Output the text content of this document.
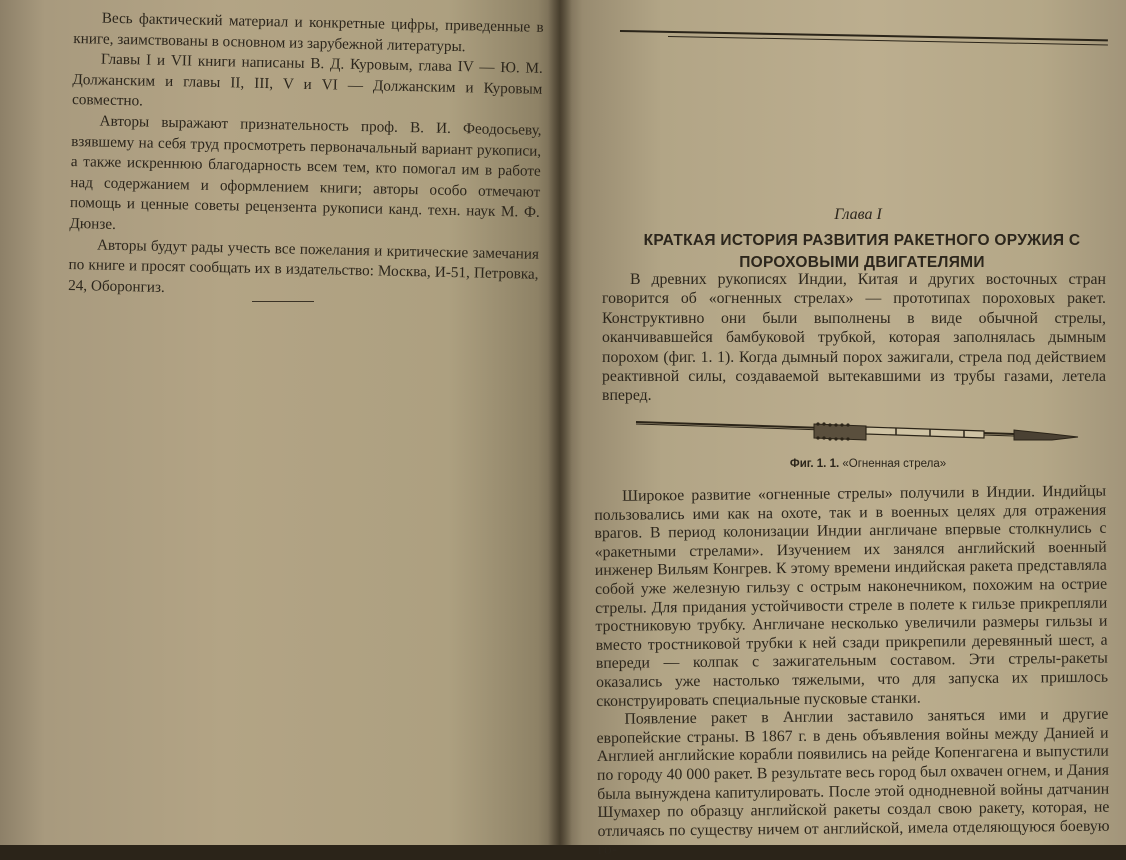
Весь фактический материал и конкретные цифры, приведенные в книге, заимствованы в основном из зарубежной литературы.

Главы I и VII книги написаны В. Д. Куровым, глава IV — Ю. М. Должанским и главы II, III, V и VI — Должанским и Куровым совместно.

Авторы выражают признательность проф. В. И. Феодосьеву, взявшему на себя труд просмотреть первоначальный вариант рукописи, а также искреннюю благодарность всем тем, кто помогал им в работе над содержанием и оформлением книги; авторы особо отмечают помощь и ценные советы рецензента рукописи канд. техн. наук М. Ф. Дюнзе.

Авторы будут рады учесть все пожелания и критические замечания по книге и просят сообщать их в издательство: Москва, И-51, Петровка, 24, Оборонгиз.

Глава I
КРАТКАЯ ИСТОРИЯ РАЗВИТИЯ РАКЕТНОГО ОРУЖИЯ С ПОРОХОВЫМИ ДВИГАТЕЛЯМИ

В древних рукописях Индии, Китая и других восточных стран говорится об «огненных стрелах» — прототипах пороховых ракет. Конструктивно они были выполнены в виде обычной стрелы, оканчивавшейся бамбуковой трубкой, которая заполнялась дымным порохом (фиг. 1. 1). Когда дымный порох зажигали, стрела под действием реактивной силы, создаваемой вытекавшими из трубы газами, летела вперед.

Фиг. 1. 1. «Огненная стрела»

Широкое развитие «огненные стрелы» получили в Индии. Индийцы пользовались ими как на охоте, так и в военных целях для отражения врагов. В период колонизации Индии англичане впервые столкнулись с «ракетными стрелами». Изучением их занялся английский военный инженер Вильям Конгрев. К этому времени индийская ракета представляла собой уже железную гильзу с острым наконечником, похожим на острие стрелы. Для придания устойчивости стреле в полете к гильзе прикрепляли тростниковую трубку. Англичане несколько увеличили размеры гильзы и вместо тростниковой трубки к ней сзади прикрепили деревянный шест, а впереди — колпак с зажигательным составом. Эти стрелы-ракеты оказались уже настолько тяжелыми, что для запуска их пришлось сконструировать специальные пусковые станки.

Появление ракет в Англии заставило заняться ими и другие европейские страны. В 1867 г. в день объявления войны между Данией и Англией английские корабли появились на рейде Копенгагена и выпустили по городу 40 000 ракет. В результате весь город был охвачен огнем, и Дания была вынуждена капитулировать. После этой однодневной войны датчанин Шумахер по образцу английской ракеты создал свою ракету, которая, не отличаясь по существу ничем от английской, имела отделяющуюся боевую го-
